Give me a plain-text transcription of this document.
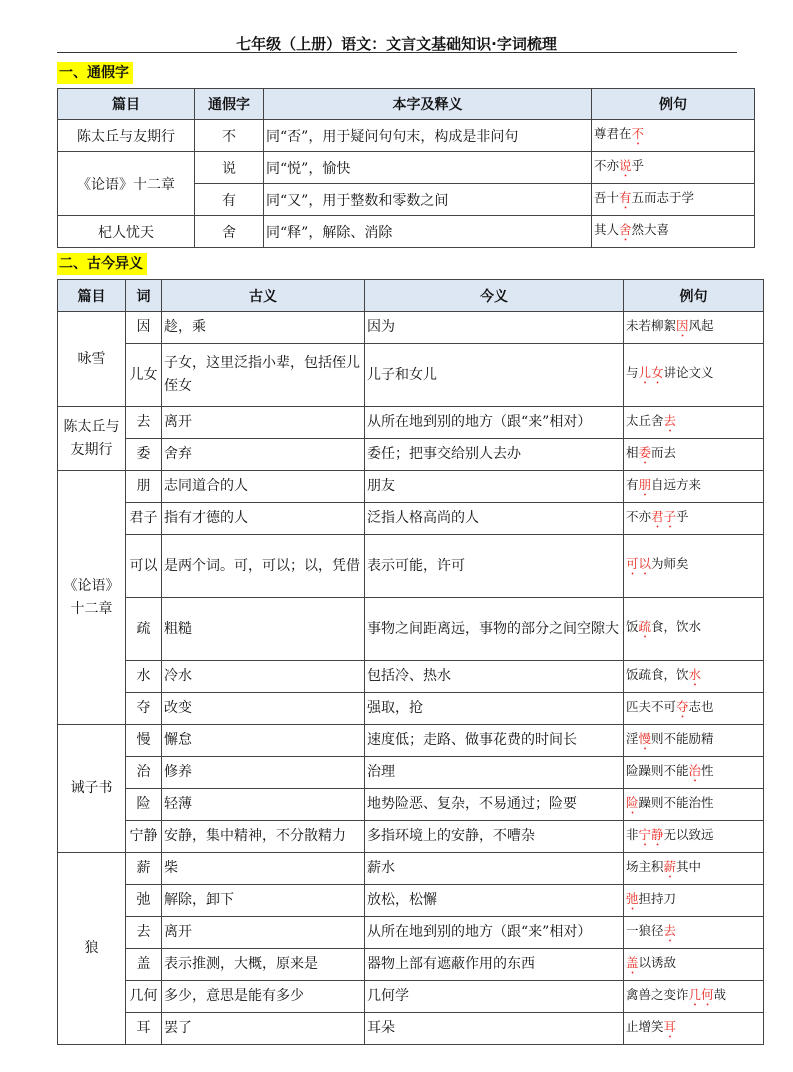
七年级（上册）语文：文言文基础知识·字词梳理
一、通假字
篇目	通假字	本字及释义	例句
陈太丘与友期行	不	同“否”，用于疑问句句末，构成是非问句	尊君在不
《论语》十二章	说	同“悦”，愉快	不亦说乎
	有	同“又”，用于整数和零数之间	吾十有五而志于学
杞人忧天	舍	同“释”，解除、消除	其人舍然大喜
二、古今异义
篇目	词	古义	今义	例句
咏雪	因	趁，乘	因为	未若柳絮因风起
	儿女	子女，这里泛指小辈，包括侄儿侄女	儿子和女儿	与儿女讲论文义
陈太丘与友期行	去	离开	从所在地到别的地方（跟“来”相对）	太丘舍去
	委	舍弃	委任；把事交给别人去办	相委而去
《论语》十二章	朋	志同道合的人	朋友	有朋自远方来
	君子	指有才德的人	泛指人格高尚的人	不亦君子乎
	可以	是两个词。可，可以；以，凭借	表示可能，许可	可以为师矣
	疏	粗糙	事物之间距离远，事物的部分之间空隙大	饭疏食，饮水
	水	冷水	包括冷、热水	饭疏食，饮水
	夺	改变	强取，抢	匹夫不可夺志也
诫子书	慢	懈怠	速度低；走路、做事花费的时间长	淫慢则不能励精
	治	修养	治理	险躁则不能治性
	险	轻薄	地势险恶、复杂，不易通过；险要	险躁则不能治性
	宁静	安静，集中精神，不分散精力	多指环境上的安静，不嘈杂	非宁静无以致远
狼	薪	柴	薪水	场主积薪其中
	弛	解除，卸下	放松，松懈	弛担持刀
	去	离开	从所在地到别的地方（跟“来”相对）	一狼径去
	盖	表示推测，大概，原来是	器物上部有遮蔽作用的东西	盖以诱敌
	几何	多少，意思是能有多少	几何学	禽兽之变诈几何哉
	耳	罢了	耳朵	止增笑耳
